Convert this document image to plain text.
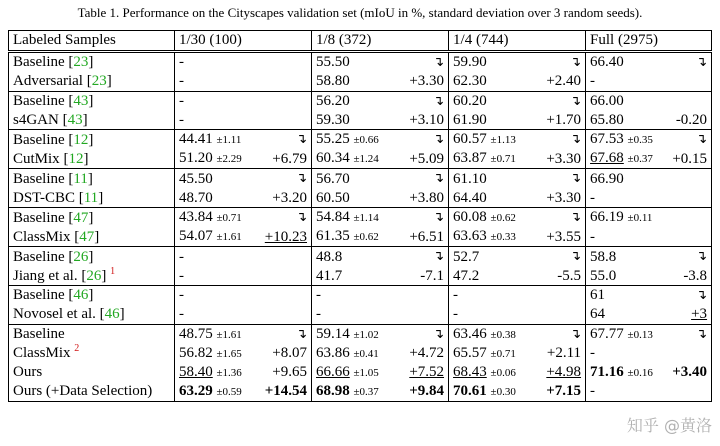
Table 1. Performance on the Cityscapes validation set (mIoU in %, standard deviation over 3 random seeds).
Labeled Samples	1/30 (100)		1/8 (372)		1/4 (744)		Full (2975)	
Baseline [23]	-		55.50	↴	59.90	↴	66.40	↴
Adversarial [23]	-		58.80	+3.30	62.30	+2.40	-	
Baseline [43]	-		56.20	↴	60.20	↴	66.00	
s4GAN [43]	-		59.30	+3.10	61.90	+1.70	65.80	-0.20
Baseline [12]	44.41 ±1.11	↴	55.25 ±0.66	↴	60.57 ±1.13	↴	67.53 ±0.35	↴
CutMix [12]	51.20 ±2.29	+6.79	60.34 ±1.24	+5.09	63.87 ±0.71	+3.30	67.68 ±0.37	+0.15
Baseline [11]	45.50	↴	56.70	↴	61.10	↴	66.90	
DST-CBC [11]	48.70	+3.20	60.50	+3.80	64.40	+3.30	-	
Baseline [47]	43.84 ±0.71	↴	54.84 ±1.14	↴	60.08 ±0.62	↴	66.19 ±0.11	
ClassMix [47]	54.07 ±1.61	+10.23	61.35 ±0.62	+6.51	63.63 ±0.33	+3.55	-	
Baseline [26]	-		48.8	↴	52.7	↴	58.8	↴
Jiang et al. [26] $^1$	-		41.7	-7.1	47.2	-5.5	55.0	-3.8
Baseline [46]	-		-		-		61	↴
Novosel et al. [46]	-		-		-		64	+3
Baseline	48.75 ±1.61	↴	59.14 ±1.02	↴	63.46 ±0.38	↴	67.77 ±0.13	↴
ClassMix $^2$	56.82 ±1.65	+8.07	63.86 ±0.41	+4.72	65.57 ±0.71	+2.11	-	
Ours	58.40 ±1.36	+9.65	66.66 ±1.05	+7.52	68.43 ±0.06	+4.98	71.16 ±0.16	+3.40
Ours (+Data Selection)	63.29 ±0.59	+14.54	68.98 ±0.37	+9.84	70.61 ±0.30	+7.15	-	
知乎 @黄洛
